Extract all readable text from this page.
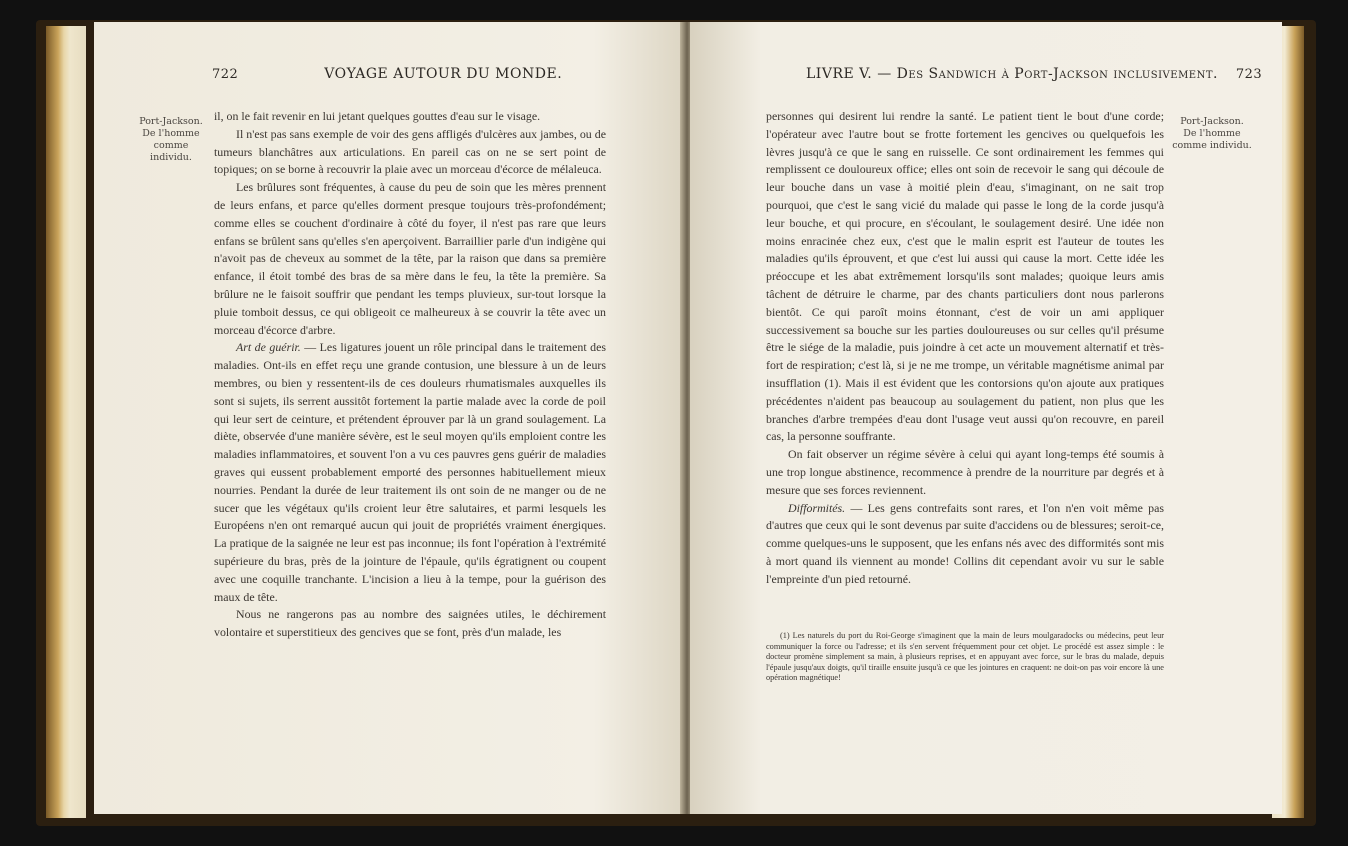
722	VOYAGE AUTOUR DU MONDE.
Port-Jackson.
De l'homme comme individu.

il, on le fait revenir en lui jetant quelques gouttes d'eau sur le visage.

Il n'est pas sans exemple de voir des gens affligés d'ulcères aux jambes, ou de tumeurs blanchâtres aux articulations. En pareil cas on ne se sert point de topiques; on se borne à recouvrir la plaie avec un morceau d'écorce de mélaleuca.

Les brûlures sont fréquentes, à cause du peu de soin que les mères prennent de leurs enfans, et parce qu'elles dorment presque toujours très-profondément; comme elles se couchent d'ordinaire à côté du foyer, il n'est pas rare que leurs enfans se brûlent sans qu'elles s'en aperçoivent. Barraillier parle d'un indigène qui n'avoit pas de cheveux au sommet de la tête, par la raison que dans sa première enfance, il étoit tombé des bras de sa mère dans le feu, la tête la première. Sa brûlure ne le faisoit souffrir que pendant les temps pluvieux, sur-tout lorsque la pluie tomboit dessus, ce qui obligeoit ce malheureux à se couvrir la tête avec un morceau d'écorce d'arbre.

Art de guérir. — Les ligatures jouent un rôle principal dans le traitement des maladies. Ont-ils en effet reçu une grande contusion, une blessure à un de leurs membres, ou bien y ressentent-ils de ces douleurs rhumatismales auxquelles ils sont si sujets, ils serrent aussitôt fortement la partie malade avec la corde de poil qui leur sert de ceinture, et prétendent éprouver par là un grand soulagement. La diète, observée d'une manière sévère, est le seul moyen qu'ils emploient contre les maladies inflammatoires, et souvent l'on a vu ces pauvres gens guérir de maladies graves qui eussent probablement emporté des personnes habituellement mieux nourries. Pendant la durée de leur traitement ils ont soin de ne manger ou de ne sucer que les végétaux qu'ils croient leur être salutaires, et parmi lesquels les Européens n'en ont remarqué aucun qui jouit de propriétés vraiment énergiques. La pratique de la saignée ne leur est pas inconnue; ils font l'opération à l'extrémité supérieure du bras, près de la jointure de l'épaule, qu'ils égratignent ou coupent avec une coquille tranchante. L'incision a lieu à la tempe, pour la guérison des maux de tête.

Nous ne rangerons pas au nombre des saignées utiles, le déchirement volontaire et superstitieux des gencives que se font, près d'un malade, les

LIVRE V. — Des Sandwich à Port-Jackson inclusivement. 723
Port-Jackson.
De l'homme comme individu.

personnes qui desirent lui rendre la santé. Le patient tient le bout d'une corde; l'opérateur avec l'autre bout se frotte fortement les gencives ou quelquefois les lèvres jusqu'à ce que le sang en ruisselle. Ce sont ordinairement les femmes qui remplissent ce douloureux office; elles ont soin de recevoir le sang qui découle de leur bouche dans un vase à moitié plein d'eau, s'imaginant, on ne sait trop pourquoi, que c'est le sang vicié du malade qui passe le long de la corde jusqu'à leur bouche, et qui procure, en s'écoulant, le soulagement desiré. Une idée non moins enracinée chez eux, c'est que le malin esprit est l'auteur de toutes les maladies qu'ils éprouvent, et que c'est lui aussi qui cause la mort. Cette idée les préoccupe et les abat extrêmement lorsqu'ils sont malades; quoique leurs amis tâchent de détruire le charme, par des chants particuliers dont nous parlerons bientôt. Ce qui paroît moins étonnant, c'est de voir un ami appliquer successivement sa bouche sur les parties douloureuses ou sur celles qu'il présume être le siége de la maladie, puis joindre à cet acte un mouvement alternatif et très-fort de respiration; c'est là, si je ne me trompe, un véritable magnétisme animal par insufflation (1). Mais il est évident que les contorsions qu'on ajoute aux pratiques précédentes n'aident pas beaucoup au soulagement du patient, non plus que les branches d'arbre trempées d'eau dont l'usage veut aussi qu'on recouvre, en pareil cas, la personne souffrante.

On fait observer un régime sévère à celui qui ayant long-temps été soumis à une trop longue abstinence, recommence à prendre de la nourriture par degrés et à mesure que ses forces reviennent.

Difformités. — Les gens contrefaits sont rares, et l'on n'en voit même pas d'autres que ceux qui le sont devenus par suite d'accidens ou de blessures; seroit-ce, comme quelques-uns le supposent, que les enfans nés avec des difformités sont mis à mort quand ils viennent au monde! Collins dit cependant avoir vu sur le sable l'empreinte d'un pied retourné.

(1) Les naturels du port du Roi-George s'imaginent que la main de leurs moulgaradocks ou médecins, peut leur communiquer la force ou l'adresse; et ils s'en servent fréquemment pour cet objet. Le procédé est assez simple : le docteur promène simplement sa main, à plusieurs reprises, et en appuyant avec force, sur le bras du malade, depuis l'épaule jusqu'aux doigts, qu'il tiraille ensuite jusqu'à ce que les jointures en craquent: ne doit-on pas voir encore là une opération magnétique!
